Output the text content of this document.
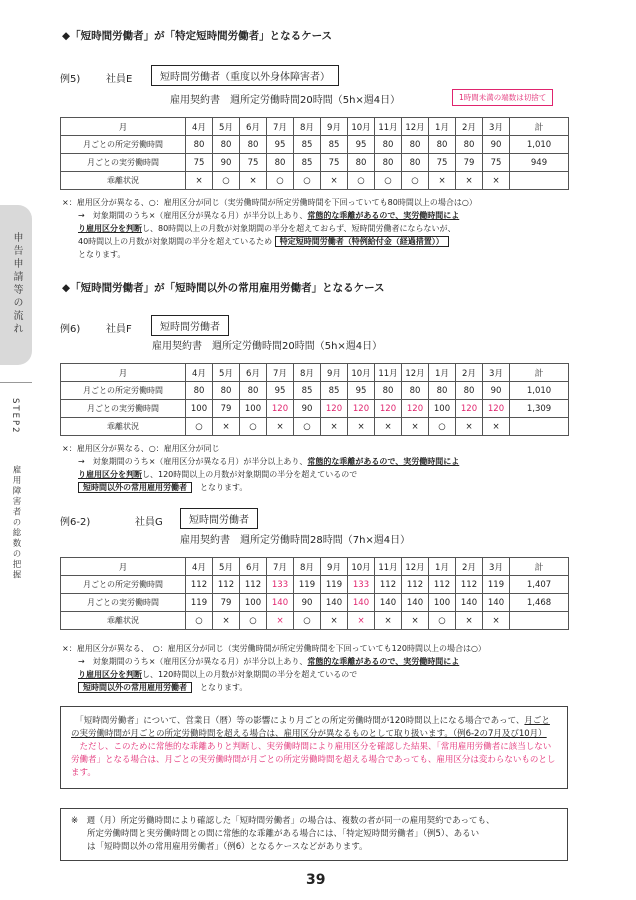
申告申請等の流れ
STEP2
雇用障害者の総数の把握
◆「短時間労働者」が「特定短時間労働者」となるケース
例5)	社員E	短時間労働者（重度以外身体障害者）
雇用契約書　週所定労働時間20時間（5h×週4日）	1時間未満の端数は切捨て
月	4月	5月	6月	7月	8月	9月	10月	11月	12月	1月	2月	3月	計
月ごとの所定労働時間	80	80	80	95	85	85	95	80	80	80	80	90	1,010
月ごとの実労働時間	75	90	75	80	85	75	80	80	80	75	79	75	949
乖離状況	×	○	×	○	○	×	○	○	○	×	×	×	
×：雇用区分が異なる、○：雇用区分が同じ（実労働時間が所定労働時間を下回っていても80時間以上の場合は○）
→　対象期間のうち×（雇用区分が異なる月）が半分以上あり、常態的な乖離があるので、実労働時間によ
り雇用区分を判断し、80時間以上の月数が対象期間の半分を超えておらず、短時間労働者にならないが、
40時間以上の月数が対象期間の半分を超えているため 特定短時間労働者（特例給付金（経過措置））
となります。
◆「短時間労働者」が「短時間以外の常用雇用労働者」となるケース
例6)	社員F	短時間労働者
雇用契約書　週所定労働時間20時間（5h×週4日）
月	4月	5月	6月	7月	8月	9月	10月	11月	12月	1月	2月	3月	計
月ごとの所定労働時間	80	80	80	95	85	85	95	80	80	80	80	90	1,010
月ごとの実労働時間	100	79	100	120	90	120	120	120	120	100	120	120	1,309
乖離状況	○	×	○	×	○	×	×	×	×	○	×	×	
×：雇用区分が異なる、○：雇用区分が同じ
→　対象期間のうち×（雇用区分が異なる月）が半分以上あり、常態的な乖離があるので、実労働時間によ
り雇用区分を判断し、120時間以上の月数が対象期間の半分を超えているので
短時間以外の常用雇用労働者　 となります。
例6-2)	社員G	短時間労働者
雇用契約書　週所定労働時間28時間（7h×週4日）
月	4月	5月	6月	7月	8月	9月	10月	11月	12月	1月	2月	3月	計
月ごとの所定労働時間	112	112	112	133	119	119	133	112	112	112	112	119	1,407
月ごとの実労働時間	119	79	100	140	90	140	140	140	140	100	140	140	1,468
乖離状況	○	×	○	×	○	×	×	×	×	○	×	×	
×：雇用区分が異なる、　○：雇用区分が同じ（実労働時間が所定労働時間を下回っていても120時間以上の場合は○）
→　対象期間のうち×（雇用区分が異なる月）が半分以上あり、常態的な乖離があるので、実労働時間によ
り雇用区分を判断し、120時間以上の月数が対象期間の半分を超えているので
短時間以外の常用雇用労働者　 となります。

　「短時間労働者」について、営業日（暦）等の影響により月ごとの所定労働時間が120時間以上になる場合であって、月ごとの実労働時間が月ごとの所定労働時間を超える場合は、雇用区分が異なるものとして取り扱います。（例6-2の7月及び10月）

　ただし、このために常態的な乖離ありと判断し、実労働時間により雇用区分を確認した結果、「常用雇用労働者に該当しない労働者」となる場合は、月ごとの実労働時間が月ごとの所定労働時間を超える場合であっても、雇用区分は変わらないものとします。

※　 週（月）所定労働時間により確認した「短時間労働者」の場合は、複数の者が同一の雇用契約であっても、

所定労働時間と実労働時間との間に常態的な乖離がある場合には、「特定短時間労働者」（例5）、あるい

は「短時間以外の常用雇用労働者」（例6）となるケースなどがあります。

39
